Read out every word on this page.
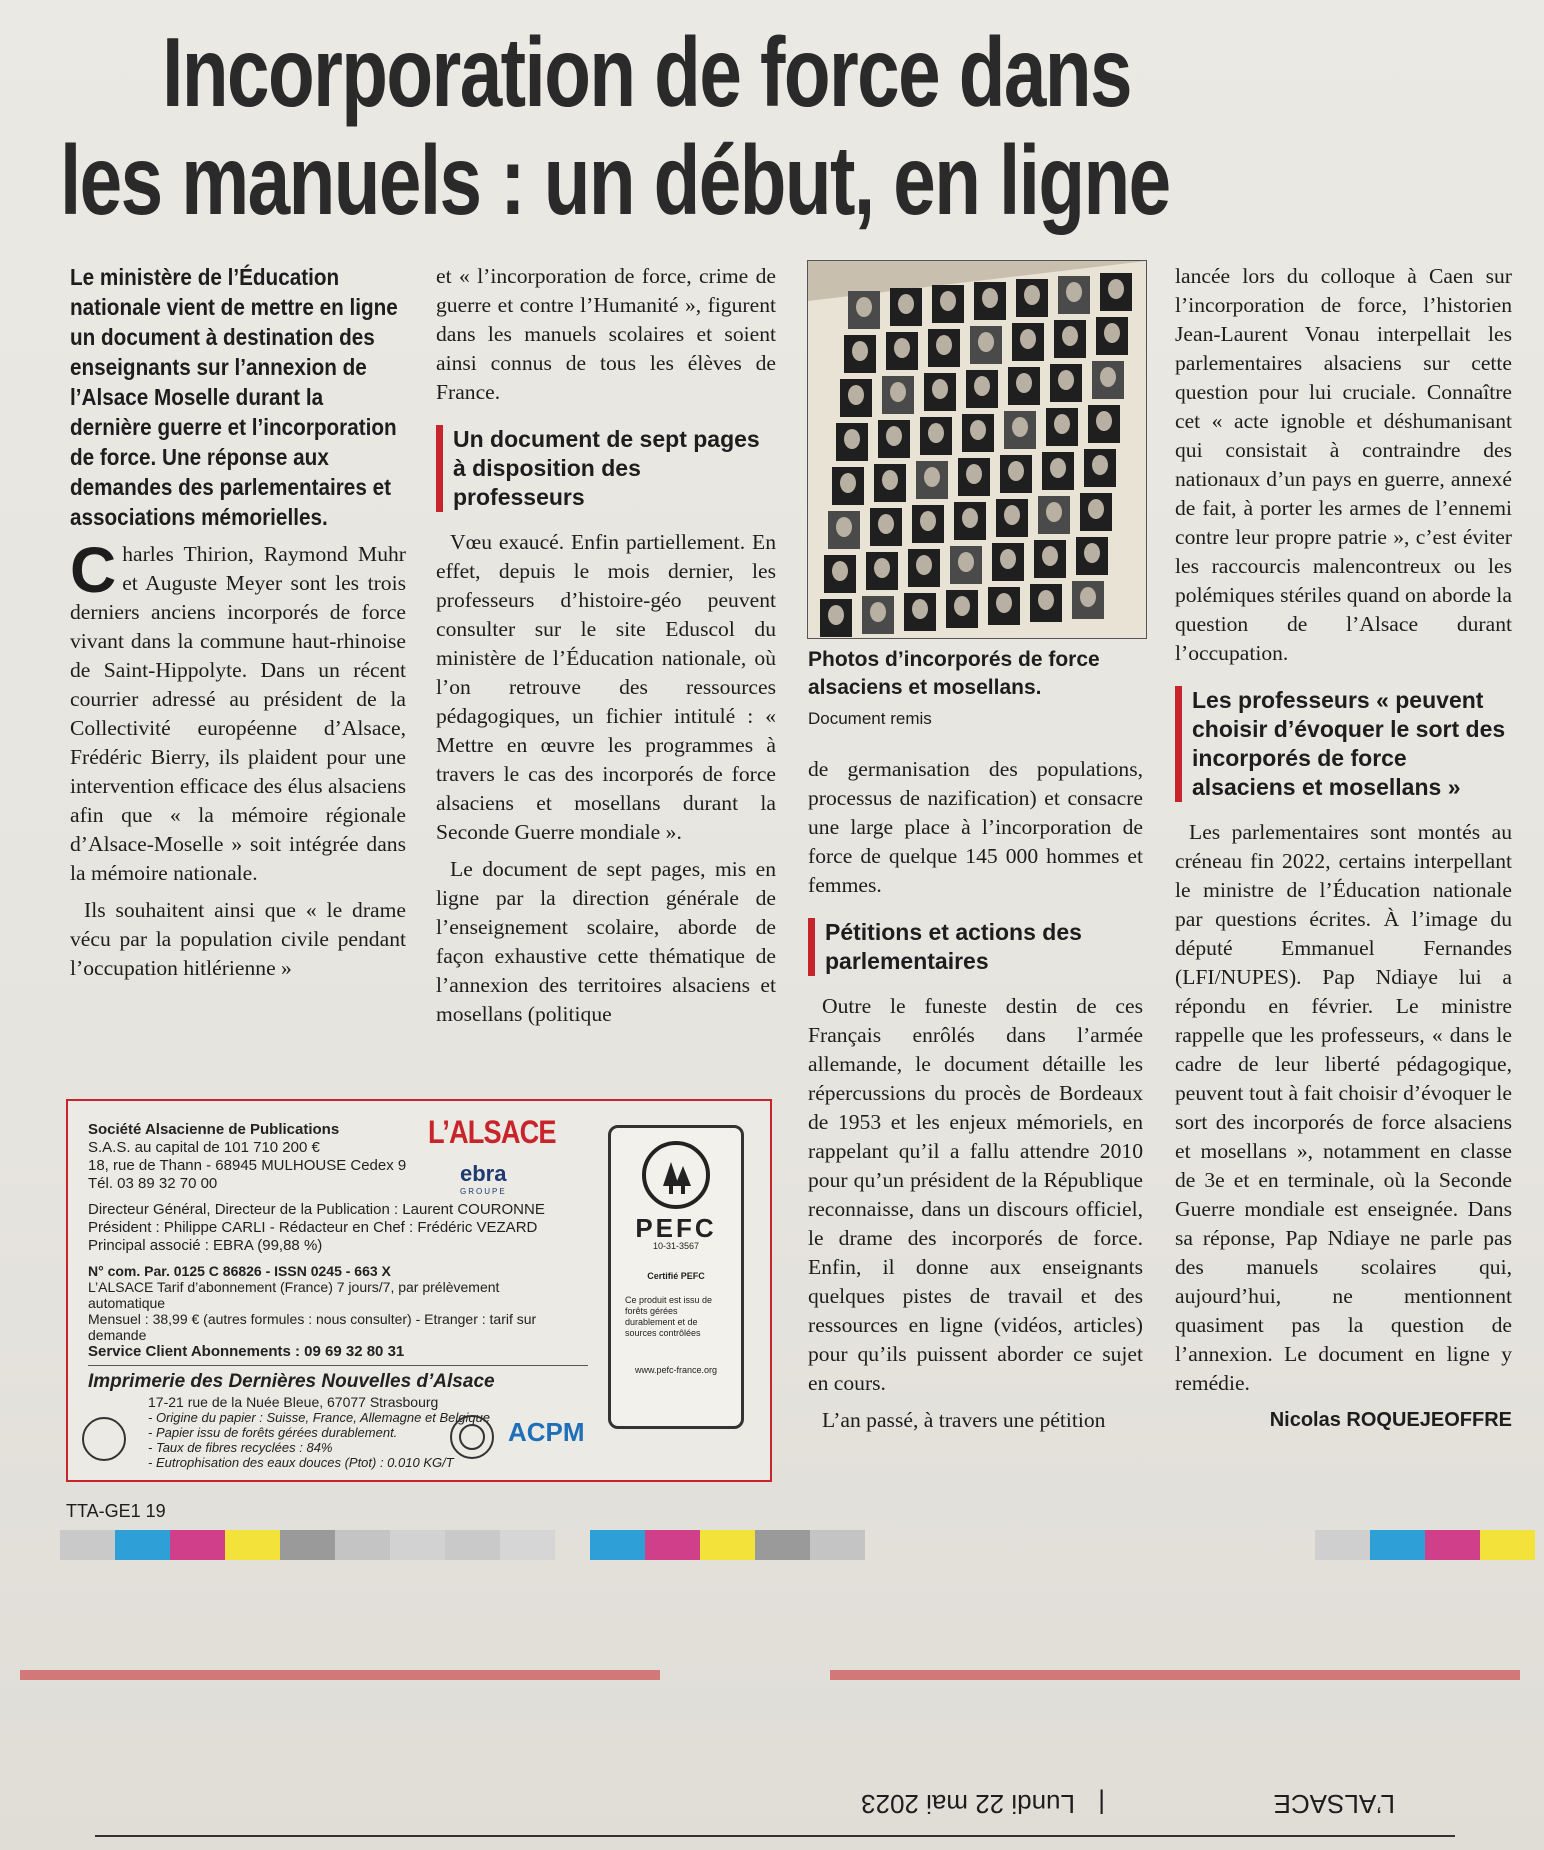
Incorporation de force dans
les manuels : un début, en ligne

Le ministère de l’Éducation nationale vient de mettre en ligne un document à destination des enseignants sur l’annexion de l’Alsace Moselle durant la dernière guerre et l’incorporation de force. Une réponse aux demandes des parlementaires et associations mémorielles.

Charles Thirion, Raymond Muhr et Auguste Meyer sont les trois derniers anciens incorporés de force vivant dans la commune haut-rhinoise de Saint-Hippolyte. Dans un récent courrier adressé au président de la Collectivité européenne d’Alsace, Frédéric Bierry, ils plaident pour une intervention efficace des élus alsaciens afin que « la mémoire régionale d’Alsace-Moselle » soit intégrée dans la mémoire nationale.

Ils souhaitent ainsi que « le drame vécu par la population civile pendant l’occupation hitlérienne »

et « l’incorporation de force, crime de guerre et contre l’Humanité », figurent dans les manuels scolaires et soient ainsi connus de tous les élèves de France.

Un document de sept pages à disposition des professeurs

Vœu exaucé. Enfin partiellement. En effet, depuis le mois dernier, les professeurs d’histoire-géo peuvent consulter sur le site Eduscol du ministère de l’Éducation nationale, où l’on retrouve des ressources pédagogiques, un fichier intitulé : « Mettre en œuvre les programmes à travers le cas des incorporés de force alsaciens et mosellans durant la Seconde Guerre mondiale ».

Le document de sept pages, mis en ligne par la direction générale de l’enseignement scolaire, aborde de façon exhaustive cette thématique de l’annexion des territoires alsaciens et mosellans (politique

Photos d’incorporés de force alsaciens et mosellans.
Document remis

de germanisation des populations, processus de nazification) et consacre une large place à l’incorporation de force de quelque 145 000 hommes et femmes.

Pétitions et actions des parlementaires

Outre le funeste destin de ces Français enrôlés dans l’armée allemande, le document détaille les répercussions du procès de Bordeaux de 1953 et les enjeux mémoriels, en rappelant qu’il a fallu attendre 2010 pour qu’un président de la République reconnaisse, dans un discours officiel, le drame des incorporés de force. Enfin, il donne aux enseignants quelques pistes de travail et des ressources en ligne (vidéos, articles) pour qu’ils puissent aborder ce sujet en cours.

L’an passé, à travers une pétition

lancée lors du colloque à Caen sur l’incorporation de force, l’historien Jean-Laurent Vonau interpellait les parlementaires alsaciens sur cette question pour lui cruciale. Connaître cet « acte ignoble et déshumanisant qui consistait à contraindre des nationaux d’un pays en guerre, annexé de fait, à porter les armes de l’ennemi contre leur propre patrie », c’est éviter les raccourcis malencontreux ou les polémiques stériles quand on aborde la question de l’Alsace durant l’occupation.

Les professeurs « peuvent choisir d’évoquer le sort des incorporés de force alsaciens et mosellans »

Les parlementaires sont montés au créneau fin 2022, certains interpellant le ministre de l’Éducation nationale par questions écrites. À l’image du député Emmanuel Fernandes (LFI/NUPES). Pap Ndiaye lui a répondu en février. Le ministre rappelle que les professeurs, « dans le cadre de leur liberté pédagogique, peuvent tout à fait choisir d’évoquer le sort des incorporés de force alsaciens et mosellans », notamment en classe de 3e et en terminale, où la Seconde Guerre mondiale est enseignée. Dans sa réponse, Pap Ndiaye ne parle pas des manuels scolaires qui, aujourd’hui, ne mentionnent quasiment pas la question de l’annexion. Le document en ligne y remédie.

Nicolas ROQUEJEOFFRE
Société Alsacienne de Publications
S.A.S. au capital de 101 710 200 €
18, rue de Thann - 68945 MULHOUSE Cedex 9
Tél. 03 89 32 70 00
Directeur Général, Directeur de la Publication : Laurent COURONNE
Président : Philippe CARLI - Rédacteur en Chef : Frédéric VEZARD
Principal associé : EBRA (99,88 %)
N° com. Par. 0125 C 86826 - ISSN 0245 - 663 X
L’ALSACE Tarif d’abonnement (France) 7 jours/7, par prélèvement automatique
Mensuel : 38,99 € (autres formules : nous consulter) - Etranger : tarif sur demande
Service Client Abonnements : 09 69 32 80 31
Imprimerie des Dernières Nouvelles d’Alsace
17-21 rue de la Nuée Bleue, 67077 Strasbourg
- Origine du papier : Suisse, France, Allemagne et Belgique
- Papier issu de forêts gérées durablement.
- Taux de fibres recyclées : 84%
- Eutrophisation des eaux douces (Ptot) : 0.010 KG/T
L’ALSACE
ebra
GROUPE
PEFC
10-31-3567
Certifié PEFC
Ce produit est issu de forêts gérées durablement et de sources contrôlées
www.pefc-france.org
ACPM
TTA-GE1 19
L’ALSACE
|
Lundi 22 mai 2023
